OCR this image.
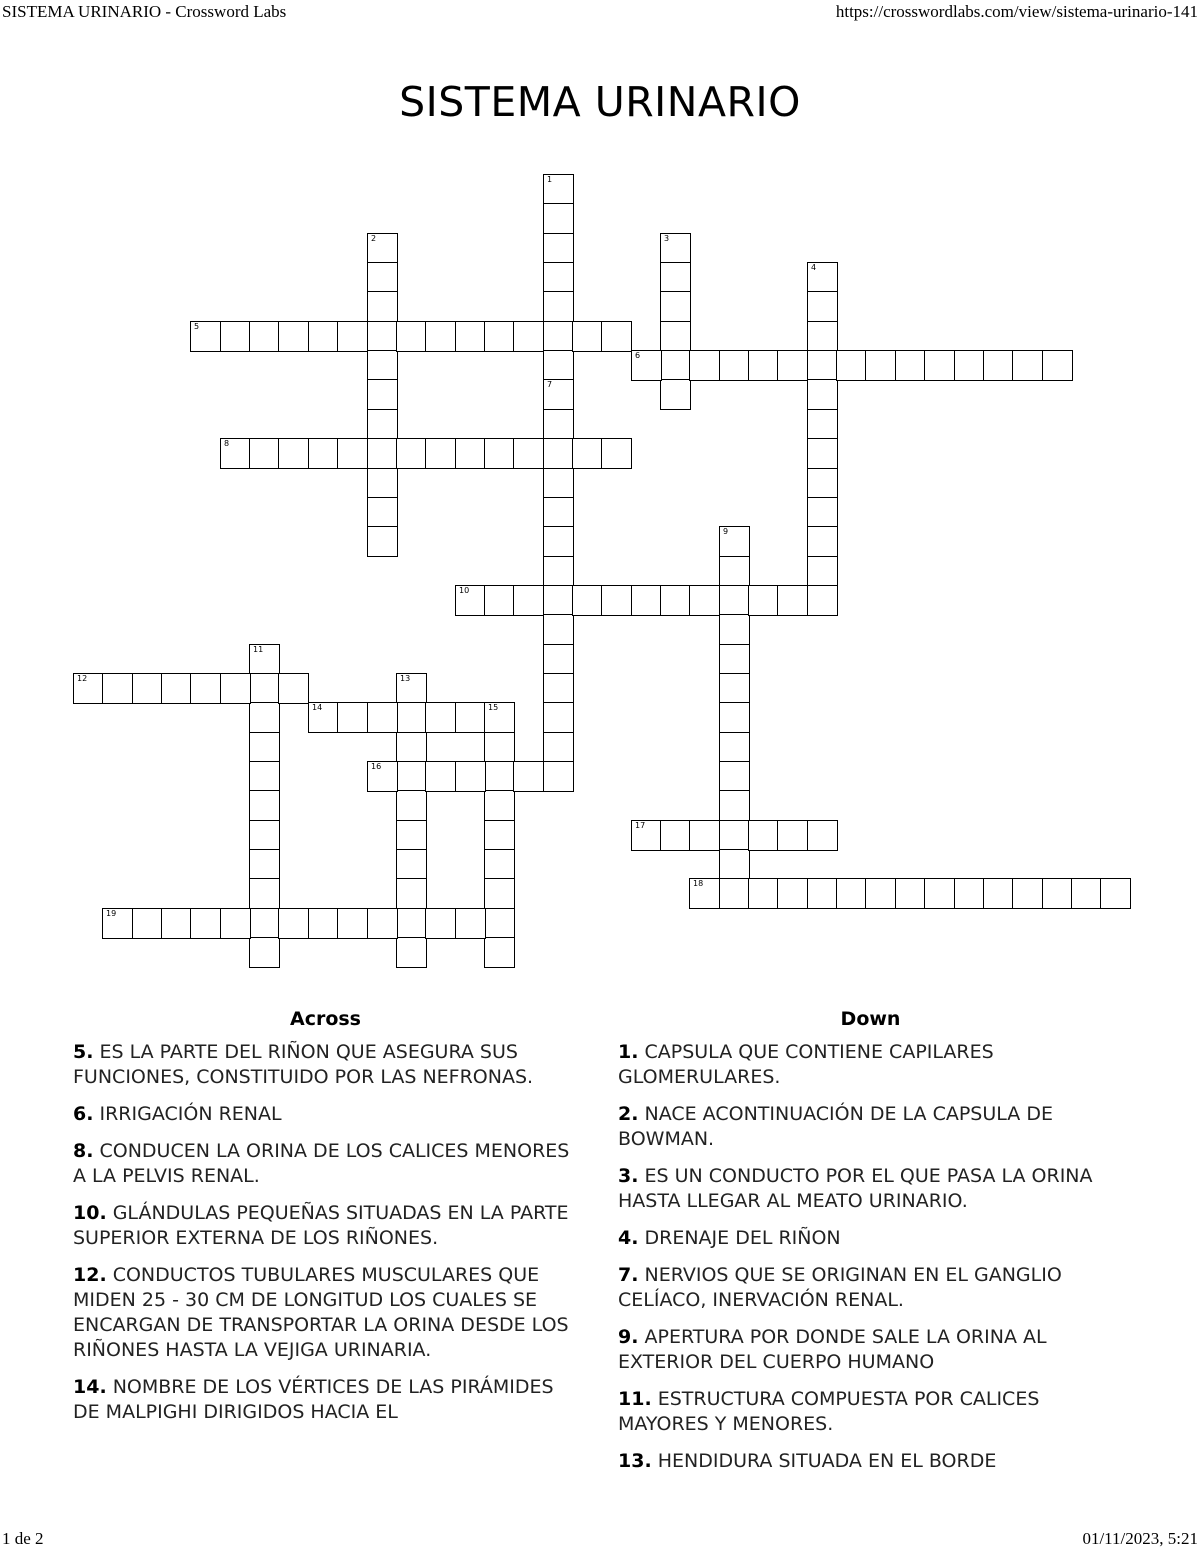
SISTEMA URINARIO - Crossword Labs	https://crosswordlabs.com/view/sistema-urinario-141
SISTEMA URINARIO
1
7
2	3
4
5
6
8
9
10
11
12	13
14	15
16
17
18
19
Across

5. ES LA PARTE DEL RIÑON QUE ASEGURA SUS FUNCIONES, CONSTITUIDO POR LAS NEFRONAS.

6. IRRIGACIÓN RENAL

8. CONDUCEN LA ORINA DE LOS CALICES MENORES A LA PELVIS RENAL.

10. GLÁNDULAS PEQUEÑAS SITUADAS EN LA PARTE SUPERIOR EXTERNA DE LOS RIÑONES.

12. CONDUCTOS TUBULARES MUSCULARES QUE MIDEN 25 - 30 CM DE LONGITUD LOS CUALES SE ENCARGAN DE TRANSPORTAR LA ORINA DESDE LOS RIÑONES HASTA LA VEJIGA URINARIA.

14. NOMBRE DE LOS VÉRTICES DE LAS PIRÁMIDES DE MALPIGHI DIRIGIDOS HACIA EL

Down

1. CAPSULA QUE CONTIENE CAPILARES GLOMERULARES.

2. NACE ACONTINUACIÓN DE LA CAPSULA DE BOWMAN.

3. ES UN CONDUCTO POR EL QUE PASA LA ORINA HASTA LLEGAR AL MEATO URINARIO.

4. DRENAJE DEL RIÑON

7. NERVIOS QUE SE ORIGINAN EN EL GANGLIO CELÍACO, INERVACIÓN RENAL.

9. APERTURA POR DONDE SALE LA ORINA AL EXTERIOR DEL CUERPO HUMANO

11. ESTRUCTURA COMPUESTA POR CALICES MAYORES Y MENORES.

13. HENDIDURA SITUADA EN EL BORDE

1 de 2	01/11/2023, 5:21
